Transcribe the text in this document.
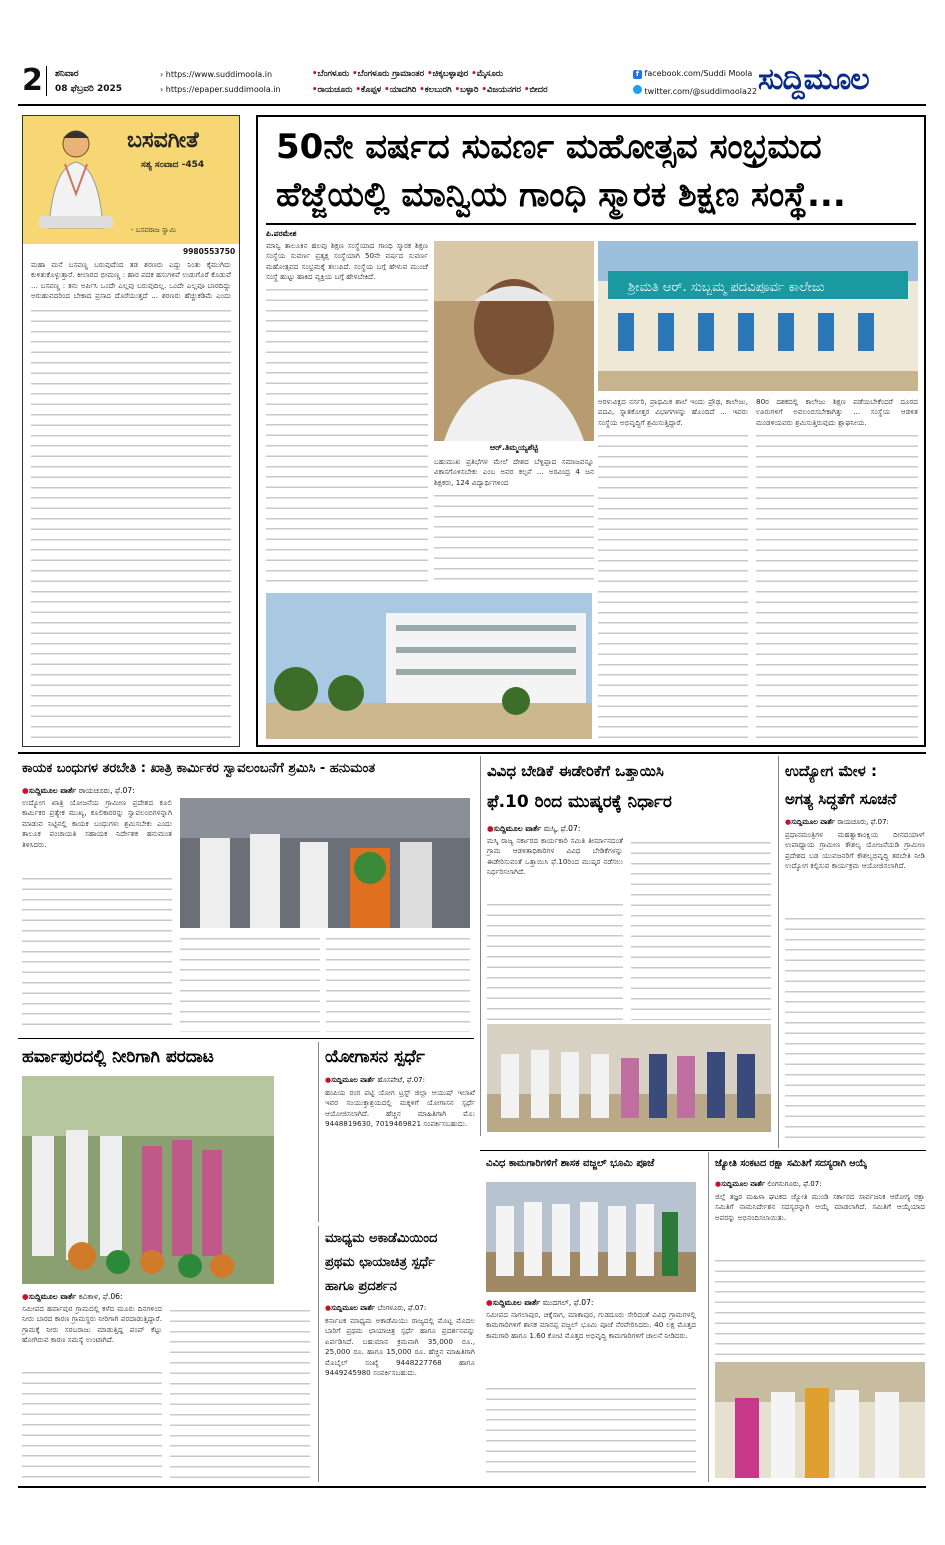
2 ಶನಿವಾರ
08 ಫೆಬ್ರವರಿ 2025
› https://www.suddimoola.in
› https://epaper.suddimoola.in
•ಬೆಂಗಳೂರು •ಬೆಂಗಳೂರು ಗ್ರಾಮಾಂತರ •ಚಿಕ್ಕಬಳ್ಳಾಪುರ •ಮೈಸೂರು
•ರಾಯಚೂರು •ಕೊಪ್ಪಳ •ಯಾದಗಿರಿ •ಕಲಬುರಗಿ •ಬಳ್ಳಾರಿ •ವಿಜಯನಗರ •ಬೀದರ
f facebook.com/Suddi Moola
twitter.com/@suddimoola22 ಸುದ್ದಿಮೂಲ
ಬಸವಗೀತೆ
ಸತ್ಯ ಸಂವಾದ -454
- ಬಸವರಾಜ ಸ್ವಾಮಿ
9980553750
ಮಹಾ ಮನೆ ಬಸವಣ್ಣ ಬರುವುದೆಂದ ತಡ ಶರಣರು ಎದ್ದು ನಿಂತು ಕೈಮುಗಿದು ಕುಳಿತುಕೊಳ್ಳುತ್ತಾರೆ. ಕೀಲಾರದ ಭೀಮಣ್ಣ : ಹಾರ ಪದಕ ಹಸುಗಳಿವೆ ಉಡುಗೊರೆ ಕೊಡುವೆ ... ಬಸವಣ್ಣ : ತನು ಅರ್ಪಿಸಿ ಒಂದೇ ಎಲ್ಲವು ಬರುವುದಿಲ್ಲ. ಒಂದೇ ಎಲ್ಲವೂ ಬಾರದಿದ್ದು ಅರುಹುವದರಿಂದ ಬೇಕಾದ ಪ್ರಸಾದ ದೊರೆಯುತ್ತದೆ ... ಶರಣರು ಹೆಚ್ಚುಕಡಿಮೆ ಎಂದು
50ನೇ ವರ್ಷದ ಸುವರ್ಣ ಮಹೋತ್ಸವ ಸಂಭ್ರಮದ
ಹೆಜ್ಜೆಯಲ್ಲಿ ಮಾನ್ವಿಯ ಗಾಂಧಿ ಸ್ಮಾರಕ ಶಿಕ್ಷಣ ಸಂಸ್ಥೆ...
ಪಿ.ಪರಮೇಶ
ಮಾನ್ವಿ ತಾಲೂಕಿನ ಹಲವು ಶಿಕ್ಷಣ ಸಂಸ್ಥೆಯಾದ ಗಾಂಧಿ ಸ್ಮಾರಕ ಶಿಕ್ಷಣ ಸಂಸ್ಥೆಯ ಸುವರ್ಣ ಪ್ರತ್ಯಕ್ಷ ಸಂಸ್ಥೆಯಾಗಿ 50ನೇ ವರ್ಷದ ಸುವರ್ಣ ಮಹೋತ್ಸವದ ಸಂಭ್ರಮಕ್ಕೆ ತಲುಪಿದೆ. ಸಂಸ್ಥೆಯ ಬಗ್ಗೆ ಹೇಳುವ ಮುಂಚೆ ಸಂಸ್ಥೆ ಹುಟ್ಟು ಹಾಕಿದ ವ್ಯಕ್ತಿಯ ಬಗ್ಗೆ ಹೇಳಬೇಕಿದೆ.
ಆರ್.ತಿಮ್ಮಯ್ಯಶೆಟ್ಟಿ
ಶ್ರೀಮತಿ ಆರ್. ಸುಬ್ಬಮ್ಮ ಪದವಿಪೂರ್ವ ಕಾಲೇಜು
ಬಹುಮುಖ ಪ್ರತಿಭೆಗಳ ಮೇಲೆ ದೇಶದ ಬೆಳ್ಳಿಪ್ಪಾದ ಸಮಾಜವನ್ನೂ ವಿಕಾಸಗೊಳಿಸಬೇಕು ಎಂಬ ಅವರ ಕಲ್ಪನೆ ... ಅರವಿಂದ್ರ 4 ಜನ ಶಿಕ್ಷಕರು, 124 ವಿದ್ಯಾರ್ಥಿಗಳಿಂದ
ಅರಳುವಿಕ್ಷದ ನರ್ಸರಿ, ಪ್ರಾಥಮಿಕ ಶಾಲೆ ಇಂದು ಪ್ರೌಢ, ಕಾಲೇಜು, ಪದವಿ, ಸ್ನಾತಕೋತ್ತರ ವಿಭಾಗಗಳನ್ನು ಹೊಂದಿದೆ ... ಇವರು ಸಂಸ್ಥೆಯ ಅಭಿವೃದ್ಧಿಗೆ ಶ್ರಮಿಸುತ್ತಿದ್ದಾರೆ.
80ರ ದಶಕದಲ್ಲಿ ಕಾಲೇಜು ಶಿಕ್ಷಣ ಪಡೆಯಬೇಕೆಂದರೆ ದೂರದ ಊರುಗಳಿಗೆ ಅವಲಂಬಿಸಬೇಕಾಗಿತ್ತು ... ಸಂಸ್ಥೆಯ ಆಡಳಿತ ಮಂಡಳಿಯವರು ಶ್ರಮಿಸುತ್ತಿರುವುದು ಶ್ಲಾಘನೀಯ.
ಕಾಯಕ ಬಂಧುಗಳ ತರಬೇತಿ : ಖಾತ್ರಿ ಕಾರ್ಮಿಕರ ಸ್ವಾವಲಂಬನೆಗೆ ಶ್ರಮಿಸಿ - ಹನುಮಂತ
●ಸುದ್ದಿಮೂಲ ವಾರ್ತೆ ರಾಯಚೂರು, ಫೆ.07:
ಉದ್ಯೋಗ ಖಾತ್ರಿ ಯೋಜನೆಯ ಗ್ರಾಮೀಣ ಪ್ರದೇಶದ ಕೂಲಿ ಕಾರ್ಮಿಕರ ಪ್ರತ್ಯೇಕ ಮುಖ್ಯ, ಕೂಲಿಕಾರರನ್ನು ಸ್ವಾವಲಂಬಿಗಳನ್ನಾಗಿ ಮಾಡುವ ನಿಟ್ಟಿನಲ್ಲಿ ಕಾಯಕ ಬಂಧುಗಳು ಶ್ರಮಿಸಬೇಕು ಎಂದು ತಾಲೂಕ ಪಂಚಾಯತಿ ಸಹಾಯಕ ನಿರ್ದೇಶಕ ಹನುಮಂತ ತಿಳಿಸಿದರು.
ವಿವಿಧ ಬೇಡಿಕೆ ಈಡೇರಿಕೆಗೆ ಒತ್ತಾಯಿಸಿ
ಫೆ.10 ರಿಂದ ಮುಷ್ಕರಕ್ಕೆ ನಿರ್ಧಾರ
●ಸುದ್ದಿಮೂಲ ವಾರ್ತೆ ಮಸ್ಕಿ, ಫೆ.07:
ಮಸ್ಕಿ ರಾಜ್ಯ ಸರ್ಕಾರದ ಕಾರ್ಯಕಾರಿ ಸಮಿತಿ ತೀರ್ಮಾನದಂತೆ ಗ್ರಾಮ ಆಡಳಿತಾಧಿಕಾರಿಗಳ ವಿವಿಧ ಬೇಡಿಕೆಗಳನ್ನು ಈಡೇರಿಸುವಂತೆ ಒತ್ತಾಯಿಸಿ ಫೆ.10ರಿಂದ ಮುಷ್ಕರ ನಡೆಸಲು ನಿರ್ಧರಿಸಲಾಗಿದೆ.
ಉದ್ಯೋಗ ಮೇಳ :
ಅಗತ್ಯ ಸಿದ್ಧತೆಗೆ ಸೂಚನೆ
●ಸುದ್ದಿಮೂಲ ವಾರ್ತೆ ರಾಯಚೂರು, ಫೆ.07:
ಪ್ರಧಾನಮಂತ್ರಿಗಳ ಮಹತ್ವಾಕಾಂಕ್ಷಿಯ ದೀನದಯಾಳ್ ಉಪಾಧ್ಯಾಯ ಗ್ರಾಮೀಣ ಕೌಶಲ್ಯ ಯೋಜನೆಯಡಿ ಗ್ರಾಮೀಣ ಪ್ರದೇಶದ ಬಡ ಯುವಜನರಿಗೆ ಕೌಶಲ್ಯಭಿವೃದ್ಧಿ ತರಬೇತಿ ನೀಡಿ ಉದ್ಯೋಗ ಕಲ್ಪಿಸುವ ಕಾರ್ಯಕ್ರಮ ಆಯೋಜಿಸಲಾಗಿದೆ.
ಹರ್ವಾಪುರದಲ್ಲಿ ನೀರಿಗಾಗಿ ಪರದಾಟ
●ಸುದ್ದಿಮೂಲ ವಾರ್ತೆ ಕವಿತಾಳ, ಫೆ.06:
ಸಮೀಪದ ಹರ್ವಾಪುರ ಗ್ರಾಮದಲ್ಲಿ ಕಳೆದ ಮೂರು ದಿನಗಳಿಂದ ನೀರು ಬಾರದ ಕಾರಣ ಗ್ರಾಮಸ್ಥರು ನೀರಿಗಾಗಿ ಪರದಾಡುತ್ತಿದ್ದಾರೆ. ಗ್ರಾಮಕ್ಕೆ ನೀರು ಸರಬರಾಜು ಮಾಡುತ್ತಿದ್ದ ಪಂಪ್ ಕೆಟ್ಟು ಹೋಗಿರುವ ಕಾರಣ ಸಮಸ್ಯೆ ಉಂಟಾಗಿದೆ.
ಯೋಗಾಸನ ಸ್ಪರ್ಧೆ
●ಸುದ್ದಿಮೂಲ ವಾರ್ತೆ ಹೊಸಪೇಟೆ, ಫೆ.07:
ಹಂಪಿಯ ರಂಗ ಪಟ್ಟಿ ಯೋಗ ಟ್ರಸ್ಟ್ ಜಿಲ್ಲಾ ಆಯುಷ್ ಇಲಾಖೆ ಇವರ ಸಂಯುಕ್ತಾಶ್ರಯದಲ್ಲಿ ಮಕ್ಕಳಿಗೆ ಯೋಗಾಸನ ಸ್ಪರ್ಧೆ ಆಯೋಜಿಸಲಾಗಿದೆ. ಹೆಚ್ಚಿನ ಮಾಹಿತಿಗಾಗಿ ಮೊ: 9448819630, 7019469821 ಸಂಪರ್ಕಿಸಬಹುದು.
ಮಾಧ್ಯಮ ಅಕಾಡೆಮಿಯಿಂದ
ಪ್ರಥಮ ಛಾಯಾಚಿತ್ರ ಸ್ಪರ್ಧೆ
ಹಾಗೂ ಪ್ರದರ್ಶನ
●ಸುದ್ದಿಮೂಲ ವಾರ್ತೆ ಬೆಂಗಳೂರು, ಫೆ.07:
ಕರ್ನಾಟಕ ಮಾಧ್ಯಮ ಅಕಾಡೆಮಿಯು ರಾಜ್ಯದಲ್ಲಿ ಮೊಟ್ಟ ಮೊದಲ ಬಾರಿಗೆ ಪ್ರಥಮ ಛಾಯಾಚಿತ್ರ ಸ್ಪರ್ಧೆ ಹಾಗೂ ಪ್ರದರ್ಶನವನ್ನು ಏರ್ಪಡಿಸಿದೆ. ಬಹುಮಾನ ಕ್ರಮವಾಗಿ 35,000 ರೂ., 25,000 ರೂ. ಹಾಗೂ 15,000 ರೂ. ಹೆಚ್ಚಿನ ಮಾಹಿತಿಗಾಗಿ ಮೊಬೈಲ್ ಸಂಖ್ಯೆ 9448227768 ಹಾಗೂ 9449245980 ಸಂಪರ್ಕಿಸಬಹುದು.
ವಿವಿಧ ಕಾಮಗಾರಿಗಳಿಗೆ ಶಾಸಕ ವಜ್ಜಲ್ ಭೂಮಿ ಪೂಜೆ
●ಸುದ್ದಿಮೂಲ ವಾರ್ತೆ ಮುದಗಲ್, ಫೆ.07:
ಸಮೀಪದ ನಾಗಲಾಪುರ, ಚಿಕ್ಕೆಸಾಗ, ಮಾಕಾಪುರ, ಗುಡದೂರು ಸೇರಿದಂತೆ ವಿವಿಧ ಗ್ರಾಮಗಳಲ್ಲಿ ಕಾಮಗಾರಿಗಳಿಗೆ ಶಾಸಕ ಮಾನಪ್ಪ ವಜ್ಜಲ್ ಭೂಮಿ ಪೂಜೆ ನೆರವೇರಿಸಿದರು. 40 ಲಕ್ಷ ಮೊತ್ತದ ಕಾಮಗಾರಿ ಹಾಗೂ 1.60 ಕೋಟಿ ಮೊತ್ತದ ಅಭಿವೃದ್ಧಿ ಕಾಮಗಾರಿಗಳಿಗೆ ಚಾಲನೆ ನೀಡಿದರು.
ಜ್ಯೋತಿ ಸಂಕಟದ ರಕ್ಷಾ ಸಮಿತಿಗೆ ಸದಸ್ಯರಾಗಿ ಆಯ್ಕೆ
●ಸುದ್ದಿಮೂಲ ವಾರ್ತೆ ಲಿಂಗಸುಗೂರು, ಫೆ.07:
ಜಿಲ್ಲೆ ತಜ್ಞರ ಮಹಿಳಾ ಘಟಕದ ಜ್ಯೋತಿ ಮುಂಡಿ ಸರ್ಕಾರದ ಸಾರ್ವಜನಿಕ ಆರೋಗ್ಯ ರಕ್ಷಾ ಸಮಿತಿಗೆ ನಾಮನಿರ್ದೇಶನ ಸದಸ್ಯರನ್ನಾಗಿ ಆಯ್ಕೆ ಮಾಡಲಾಗಿದೆ. ಸಮಿತಿಗೆ ಆಯ್ಕೆಯಾದ ಅವರನ್ನು ಅಭಿನಂದಿಸಲಾಯಿತು.
